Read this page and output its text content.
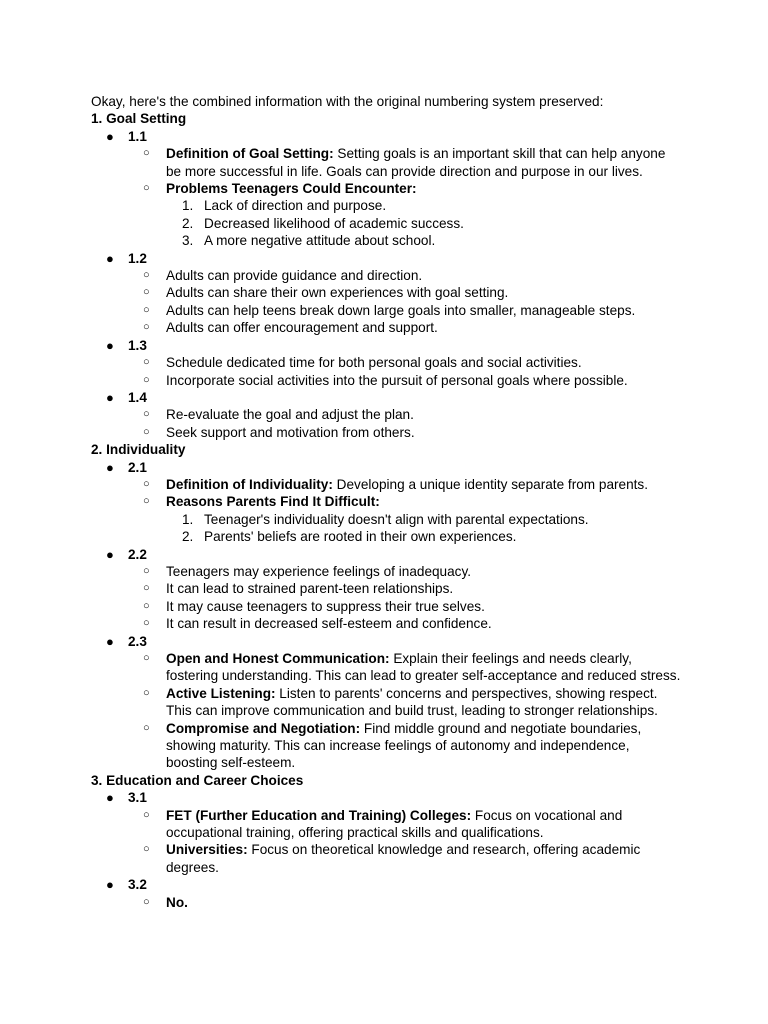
Okay, here's the combined information with the original numbering system preserved:

1. Goal Setting

● 1.1
○ Definition of Goal Setting: Setting goals is an important skill that can help anyone be more successful in life. Goals can provide direction and purpose in our lives.
○ Problems Teenagers Could Encounter:
1. Lack of direction and purpose.
2. Decreased likelihood of academic success.
3. A more negative attitude about school.
● 1.2
○ Adults can provide guidance and direction.
○ Adults can share their own experiences with goal setting.
○ Adults can help teens break down large goals into smaller, manageable steps.
○ Adults can offer encouragement and support.
● 1.3
○ Schedule dedicated time for both personal goals and social activities.
○ Incorporate social activities into the pursuit of personal goals where possible.
● 1.4
○ Re-evaluate the goal and adjust the plan.
○ Seek support and motivation from others.

2. Individuality

● 2.1
○ Definition of Individuality: Developing a unique identity separate from parents.
○ Reasons Parents Find It Difficult:
1. Teenager's individuality doesn't align with parental expectations.
2. Parents' beliefs are rooted in their own experiences.
● 2.2
○ Teenagers may experience feelings of inadequacy.
○ It can lead to strained parent-teen relationships.
○ It may cause teenagers to suppress their true selves.
○ It can result in decreased self-esteem and confidence.
● 2.3
○ Open and Honest Communication: Explain their feelings and needs clearly, fostering understanding. This can lead to greater self-acceptance and reduced stress.
○ Active Listening: Listen to parents' concerns and perspectives, showing respect. This can improve communication and build trust, leading to stronger relationships.
○ Compromise and Negotiation: Find middle ground and negotiate boundaries, showing maturity. This can increase feelings of autonomy and independence, boosting self-esteem.

3. Education and Career Choices

● 3.1
○ FET (Further Education and Training) Colleges: Focus on vocational and occupational training, offering practical skills and qualifications.
○ Universities: Focus on theoretical knowledge and research, offering academic degrees.
● 3.2
○ No.
